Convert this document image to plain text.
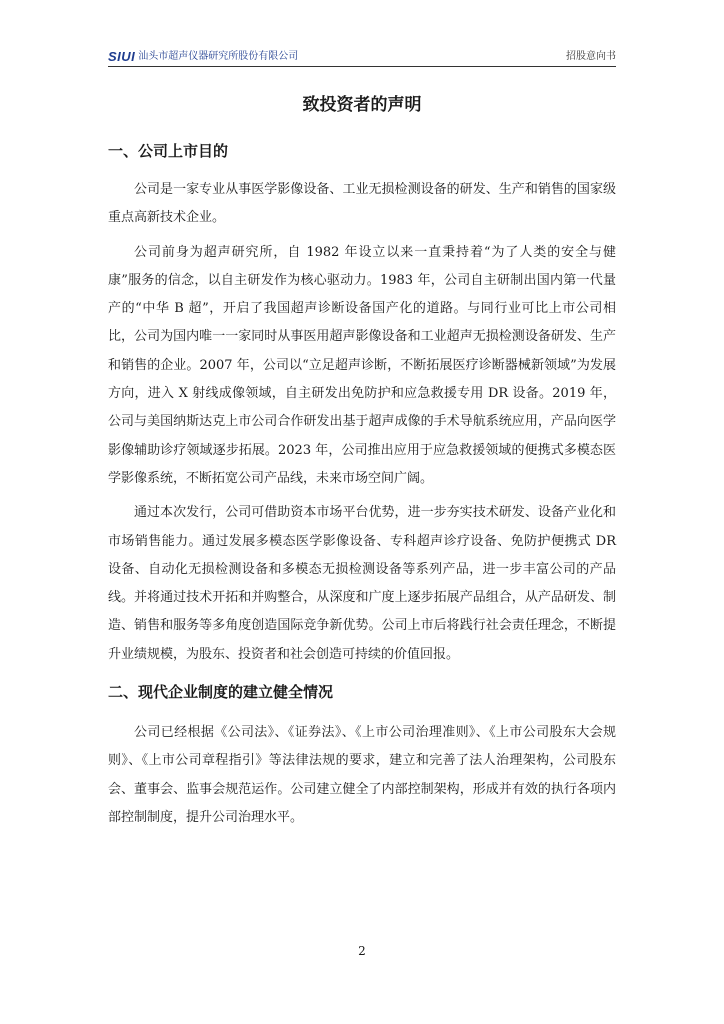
SIUI 汕头市超声仪器研究所股份有限公司	招股意向书
致投资者的声明
一、公司上市目的

公司是一家专业从事医学影像设备、工业无损检测设备的研发、生产和销售的国家级重点高新技术企业。

公司前身为超声研究所，自 1982 年设立以来一直秉持着“为了人类的安全与健康”服务的信念，以自主研发作为核心驱动力。1983 年，公司自主研制出国内第一代量产的“中华 B 超”，开启了我国超声诊断设备国产化的道路。与同行业可比上市公司相比，公司为国内唯一一家同时从事医用超声影像设备和工业超声无损检测设备研发、生产和销售的企业。2007 年，公司以“立足超声诊断，不断拓展医疗诊断器械新领域”为发展方向，进入 X 射线成像领域，自主研发出免防护和应急救援专用 DR 设备。2019 年，公司与美国纳斯达克上市公司合作研发出基于超声成像的手术导航系统应用，产品向医学影像辅助诊疗领域逐步拓展。2023 年，公司推出应用于应急救援领域的便携式多模态医学影像系统，不断拓宽公司产品线，未来市场空间广阔。

通过本次发行，公司可借助资本市场平台优势，进一步夯实技术研发、设备产业化和市场销售能力。通过发展多模态医学影像设备、专科超声诊疗设备、免防护便携式 DR 设备、自动化无损检测设备和多模态无损检测设备等系列产品，进一步丰富公司的产品线。并将通过技术开拓和并购整合，从深度和广度上逐步拓展产品组合，从产品研发、制造、销售和服务等多角度创造国际竞争新优势。公司上市后将践行社会责任理念，不断提升业绩规模，为股东、投资者和社会创造可持续的价值回报。

二、现代企业制度的建立健全情况

公司已经根据《公司法》、《证券法》、《上市公司治理准则》、《上市公司股东大会规则》、《上市公司章程指引》等法律法规的要求，建立和完善了法人治理架构，公司股东会、董事会、监事会规范运作。公司建立健全了内部控制架构，形成并有效的执行各项内部控制制度，提升公司治理水平。

2
